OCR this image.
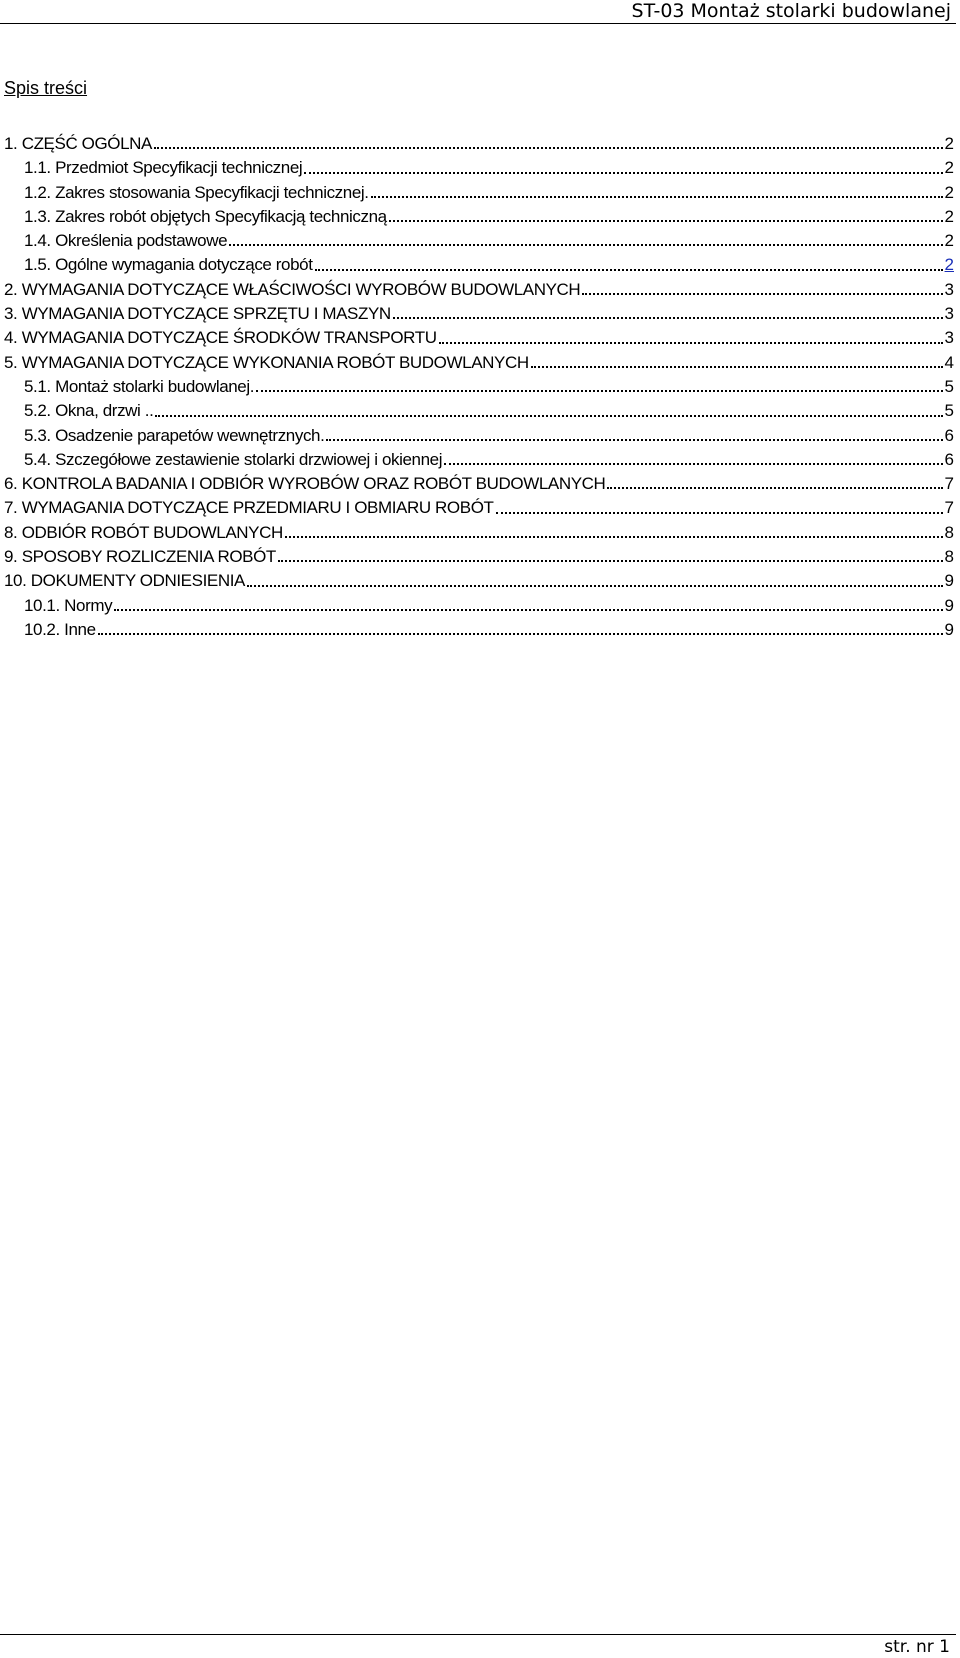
ST-03 Montaż stolarki budowlanej
Spis treści
1. CZĘŚĆ OGÓLNA	2
1.1. Przedmiot Specyfikacji technicznej	2
1.2. Zakres stosowania Specyfikacji technicznej.	2
1.3. Zakres robót objętych Specyfikacją techniczną	2
1.4. Określenia podstawowe	2
1.5. Ogólne wymagania dotyczące robót	2
2. WYMAGANIA DOTYCZĄCE WŁAŚCIWOŚCI WYROBÓW BUDOWLANYCH	3
3. WYMAGANIA DOTYCZĄCE SPRZĘTU I MASZYN	3
4. WYMAGANIA DOTYCZĄCE ŚRODKÓW TRANSPORTU	3
5. WYMAGANIA DOTYCZĄCE WYKONANIA ROBÓT BUDOWLANYCH	4
5.1. Montaż stolarki budowlanej.	5
5.2. Okna, drzwi ..	5
5.3. Osadzenie parapetów wewnętrznych.	6
5.4. Szczegółowe zestawienie stolarki drzwiowej i okiennej	6
6. KONTROLA BADANIA I ODBIÓR WYROBÓW ORAZ ROBÓT BUDOWLANYCH	7
7. WYMAGANIA DOTYCZĄCE PRZEDMIARU I OBMIARU ROBÓT	7
8. ODBIÓR ROBÓT BUDOWLANYCH	8
9. SPOSOBY ROZLICZENIA ROBÓT	8
10. DOKUMENTY ODNIESIENIA	9
10.1. Normy	9
10.2. Inne	9
str. nr 1
